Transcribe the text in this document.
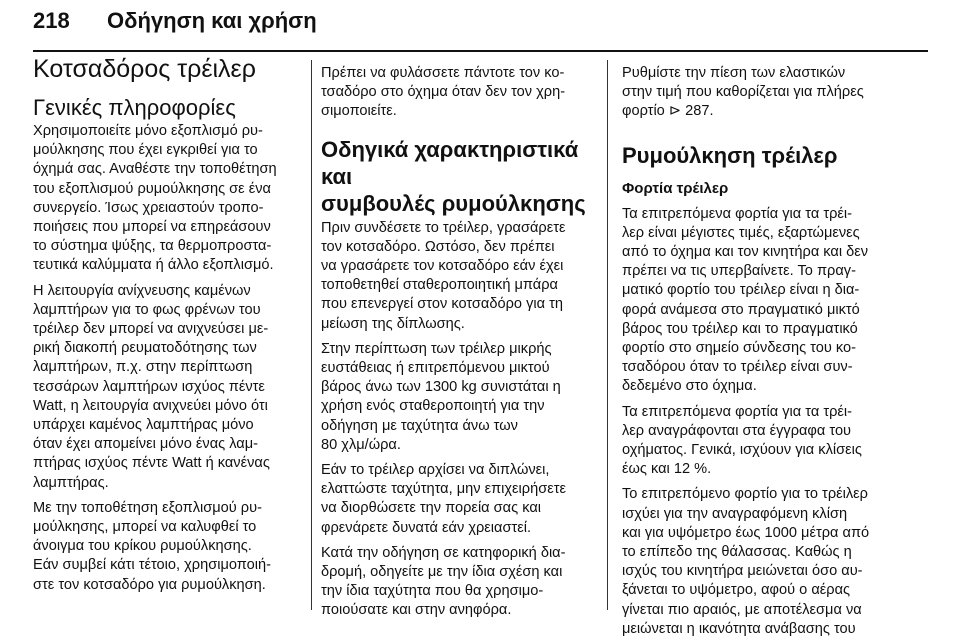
218 Οδήγηση και χρήση
Κοτσαδόρος τρέιλερ
Γενικές πληροφορίες

Χρησιμοποιείτε μόνο εξοπλισμό ρυ‐
μούλκησης που έχει εγκριθεί για το
όχημά σας. Αναθέστε την τοποθέτηση
του εξοπλισμού ρυμούλκησης σε ένα
συνεργείο. Ίσως χρειαστούν τροπο‐
ποιήσεις που μπορεί να επηρεάσουν
το σύστημα ψύξης, τα θερμοπροστα‐
τευτικά καλύμματα ή άλλο εξοπλισμό.

Η λειτουργία ανίχνευσης καμένων
λαμπτήρων για το φως φρένων του
τρέιλερ δεν μπορεί να ανιχνεύσει με‐
ρική διακοπή ρευματοδότησης των
λαμπτήρων, π.χ. στην περίπτωση
τεσσάρων λαμπτήρων ισχύος πέντε
Watt, η λειτουργία ανιχνεύει μόνο ότι
υπάρχει καμένος λαμπτήρας μόνο
όταν έχει απομείνει μόνο ένας λαμ‐
πτήρας ισχύος πέντε Watt ή κανένας
λαμπτήρας.

Με την τοποθέτηση εξοπλισμού ρυ‐
μούλκησης, μπορεί να καλυφθεί το
άνοιγμα του κρίκου ρυμούλκησης.
Εάν συμβεί κάτι τέτοιο, χρησιμοποιή‐
στε τον κοτσαδόρο για ρυμούλκηση.

Πρέπει να φυλάσσετε πάντοτε τον κο‐
τσαδόρο στο όχημα όταν δεν τον χρη‐
σιμοποιείτε.

Οδηγικά χαρακτηριστικά και
συμβουλές ρυμούλκησης

Πριν συνδέσετε το τρέιλερ, γρασάρετε
τον κοτσαδόρο. Ωστόσο, δεν πρέπει
να γρασάρετε τον κοτσαδόρο εάν έχει
τοποθετηθεί σταθεροποιητική μπάρα
που επενεργεί στον κοτσαδόρο για τη
μείωση της δίπλωσης.

Στην περίπτωση των τρέιλερ μικρής
ευστάθειας ή επιτρεπόμενου μικτού
βάρος άνω των 1300 kg συνιστάται η
χρήση ενός σταθεροποιητή για την
οδήγηση με ταχύτητα άνω των
80 χλμ/ώρα.

Εάν το τρέιλερ αρχίσει να διπλώνει,
ελαττώστε ταχύτητα, μην επιχειρήσετε
να διορθώσετε την πορεία σας και
φρενάρετε δυνατά εάν χρειαστεί.

Κατά την οδήγηση σε κατηφορική δια‐
δρομή, οδηγείτε με την ίδια σχέση και
την ίδια ταχύτητα που θα χρησιμο‐
ποιούσατε και στην ανηφόρα.

Ρυθμίστε την πίεση των ελαστικών
στην τιμή που καθορίζεται για πλήρες
φορτίο ⊳ 287.

Ρυμούλκηση τρέιλερ
Φορτία τρέιλερ

Τα επιτρεπόμενα φορτία για τα τρέι‐
λερ είναι μέγιστες τιμές, εξαρτώμενες
από το όχημα και τον κινητήρα και δεν
πρέπει να τις υπερβαίνετε. Το πραγ‐
ματικό φορτίο του τρέιλερ είναι η δια‐
φορά ανάμεσα στο πραγματικό μικτό
βάρος του τρέιλερ και το πραγματικό
φορτίο στο σημείο σύνδεσης του κο‐
τσαδόρου όταν το τρέιλερ είναι συν‐
δεδεμένο στο όχημα.

Τα επιτρεπόμενα φορτία για τα τρέι‐
λερ αναγράφονται στα έγγραφα του
οχήματος. Γενικά, ισχύουν για κλίσεις
έως και 12 %.

Το επιτρεπόμενο φορτίο για το τρέιλερ
ισχύει για την αναγραφόμενη κλίση
και για υψόμετρο έως 1000 μέτρα από
το επίπεδο της θάλασσας. Καθώς η
ισχύς του κινητήρα μειώνεται όσο αυ‐
ξάνεται το υψόμετρο, αφού ο αέρας
γίνεται πιο αραιός, με αποτέλεσμα να
μειώνεται η ικανότητα ανάβασης του
